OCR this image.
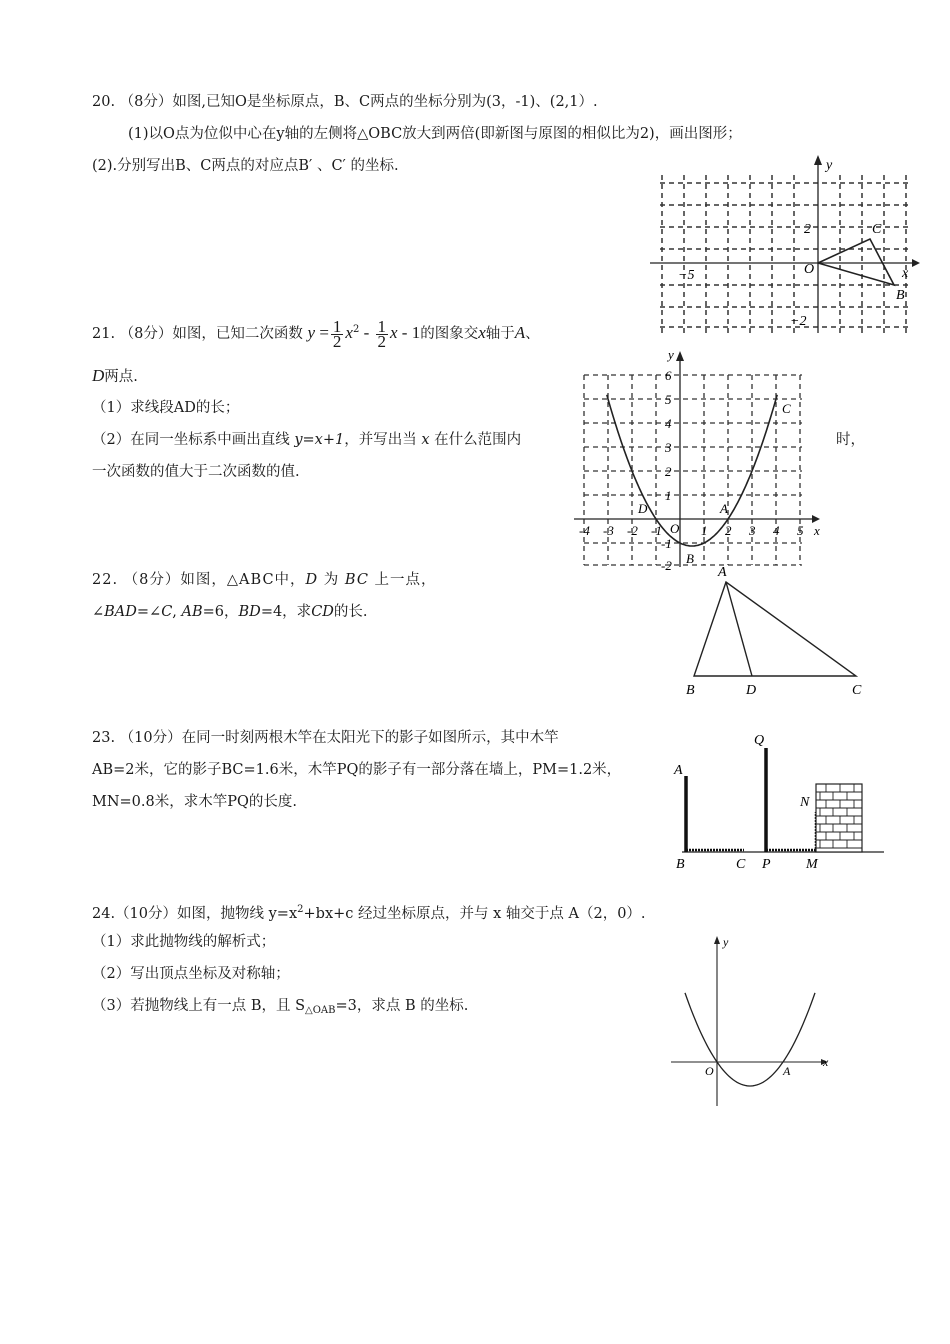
20. （8分）如图,已知O是坐标原点，B、C两点的坐标分别为(3，-1)、(2,1）.
(1)以O点为位似中心在y轴的左侧将△OBC放大到两倍(即新图与原图的相似比为2)，画出图形；
(2).分别写出B、C两点的对应点B′ 、C′ 的坐标.	y
x
2
−2
−5	O
C
B
21. （8分）如图，已知二次函数 $y = \frac{1}{2} x^2 - \frac{1}{2}$ x - 1的图象交x轴于A、
D两点.
（1）求线段AD的长；
（2）在同一坐标系中画出直线 y=x+1，并写出当 x 在什么范围内	时，
一次函数的值大于二次函数的值.
y
x
6
5
4
3
2
1
-1
-2
-4 -3 -2 -1	1 2 3 4 5
O
D	A
B
C
22. （8分）如图，△ABC中，D 为 BC 上一点，
∠BAD=∠C, AB=6，BD=4，求CD的长.
A
B	D	C
23. （10分）在同一时刻两根木竿在太阳光下的影子如图所示，其中木竿
AB=2米，它的影子BC=1.6米，木竿PQ的影子有一部分落在墙上，PM=1.2米，
MN=0.8米，求木竿PQ的长度.
A
B	C
Q
P	M
N
24.（10分）如图，抛物线 $y=x^2+bx+c$ 经过坐标原点，并与 x 轴交于点 A（2，0）.
（1）求此抛物线的解析式；
（2）写出顶点坐标及对称轴；
（3）若抛物线上有一点 B，且 $S_{\triangle OAB}=3$，求点 B 的坐标.
y
x
O	A
